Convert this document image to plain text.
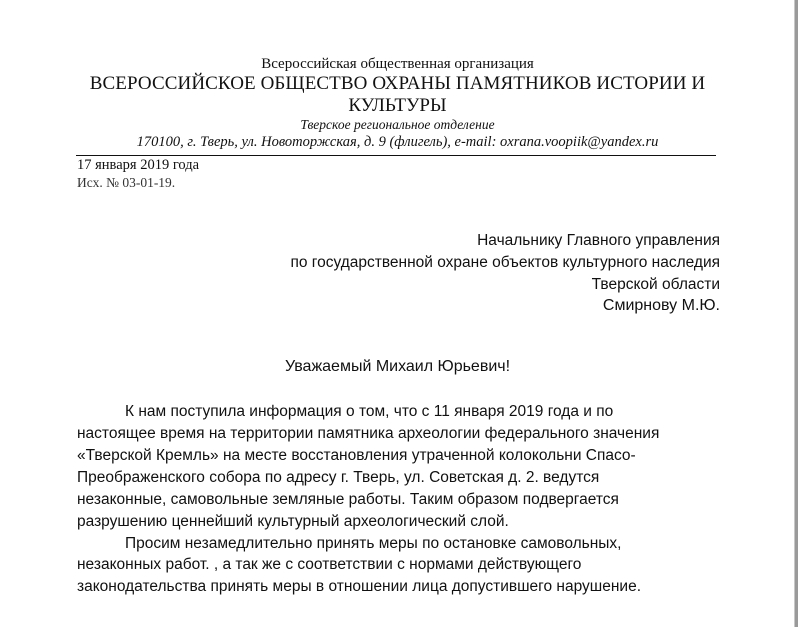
Всероссийская общественная организация
ВСЕРОССИЙСКОЕ ОБЩЕСТВО ОХРАНЫ ПАМЯТНИКОВ ИСТОРИИ И
КУЛЬТУРЫ
Тверское региональное отделение
170100, г. Тверь, ул. Новоторжская, д. 9 (флигель), e-mail: oxrana.voopiik@yandex.ru
17 января 2019 года
Исх. № 03-01-19.
Начальнику Главного управления
по государственной охране объектов культурного наследия
Тверской области
Смирнову М.Ю.
Уважаемый Михаил Юрьевич!
К нам поступила информация о том, что с 11 января 2019 года и по
настоящее время на территории памятника археологии федерального значения
«Тверской Кремль» на месте восстановления утраченной колокольни Спасо-
Преображенского собора по адресу г. Тверь, ул. Советская д. 2. ведутся
незаконные, самовольные земляные работы. Таким образом подвергается
разрушению ценнейший культурный археологический слой.
Просим незамедлительно принять меры по остановке самовольных,
незаконных работ. , а так же с соответствии с нормами действующего
законодательства принять меры в отношении лица допустившего нарушение.
